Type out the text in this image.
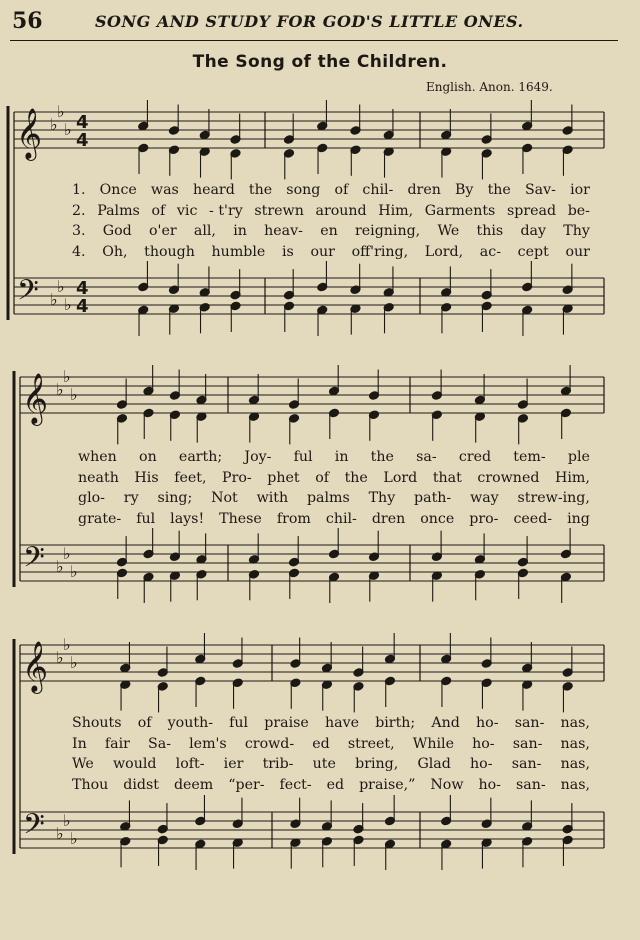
56	SONG AND STUDY FOR GOD'S LITTLE ONES.
The Song of the Children.
English. Anon. 1649.
𝄞
𝄢
♭
♭
♭
♭
♭
♭
4
4
4
4
𝄞
𝄢
♭
♭
♭
♭
♭
♭
𝄞
𝄢
♭
♭
♭
♭
♭
♭
1. Once was heard the song of chil- dren By the Sav- ior
2. Palms of vic - t'ry strewn around Him, Garments spread be-
3. God o'er all, in heav- en reigning, We this day Thy
4. Oh, though humble is our off'ring, Lord, ac- cept our
when on earth; Joy- ful in the sa- cred tem- ple
neath His feet, Pro- phet of the Lord that crowned Him,
glo- ry sing; Not with palms Thy path- way strew-ing,
grate- ful lays! These from chil- dren once pro- ceed- ing
Shouts of youth- ful praise have birth; And ho- san- nas,
In fair Sa- lem's crowd- ed street, While ho- san- nas,
We would loft- ier trib- ute bring, Glad ho- san- nas,
Thou didst deem “per- fect- ed praise,” Now ho- san- nas,
